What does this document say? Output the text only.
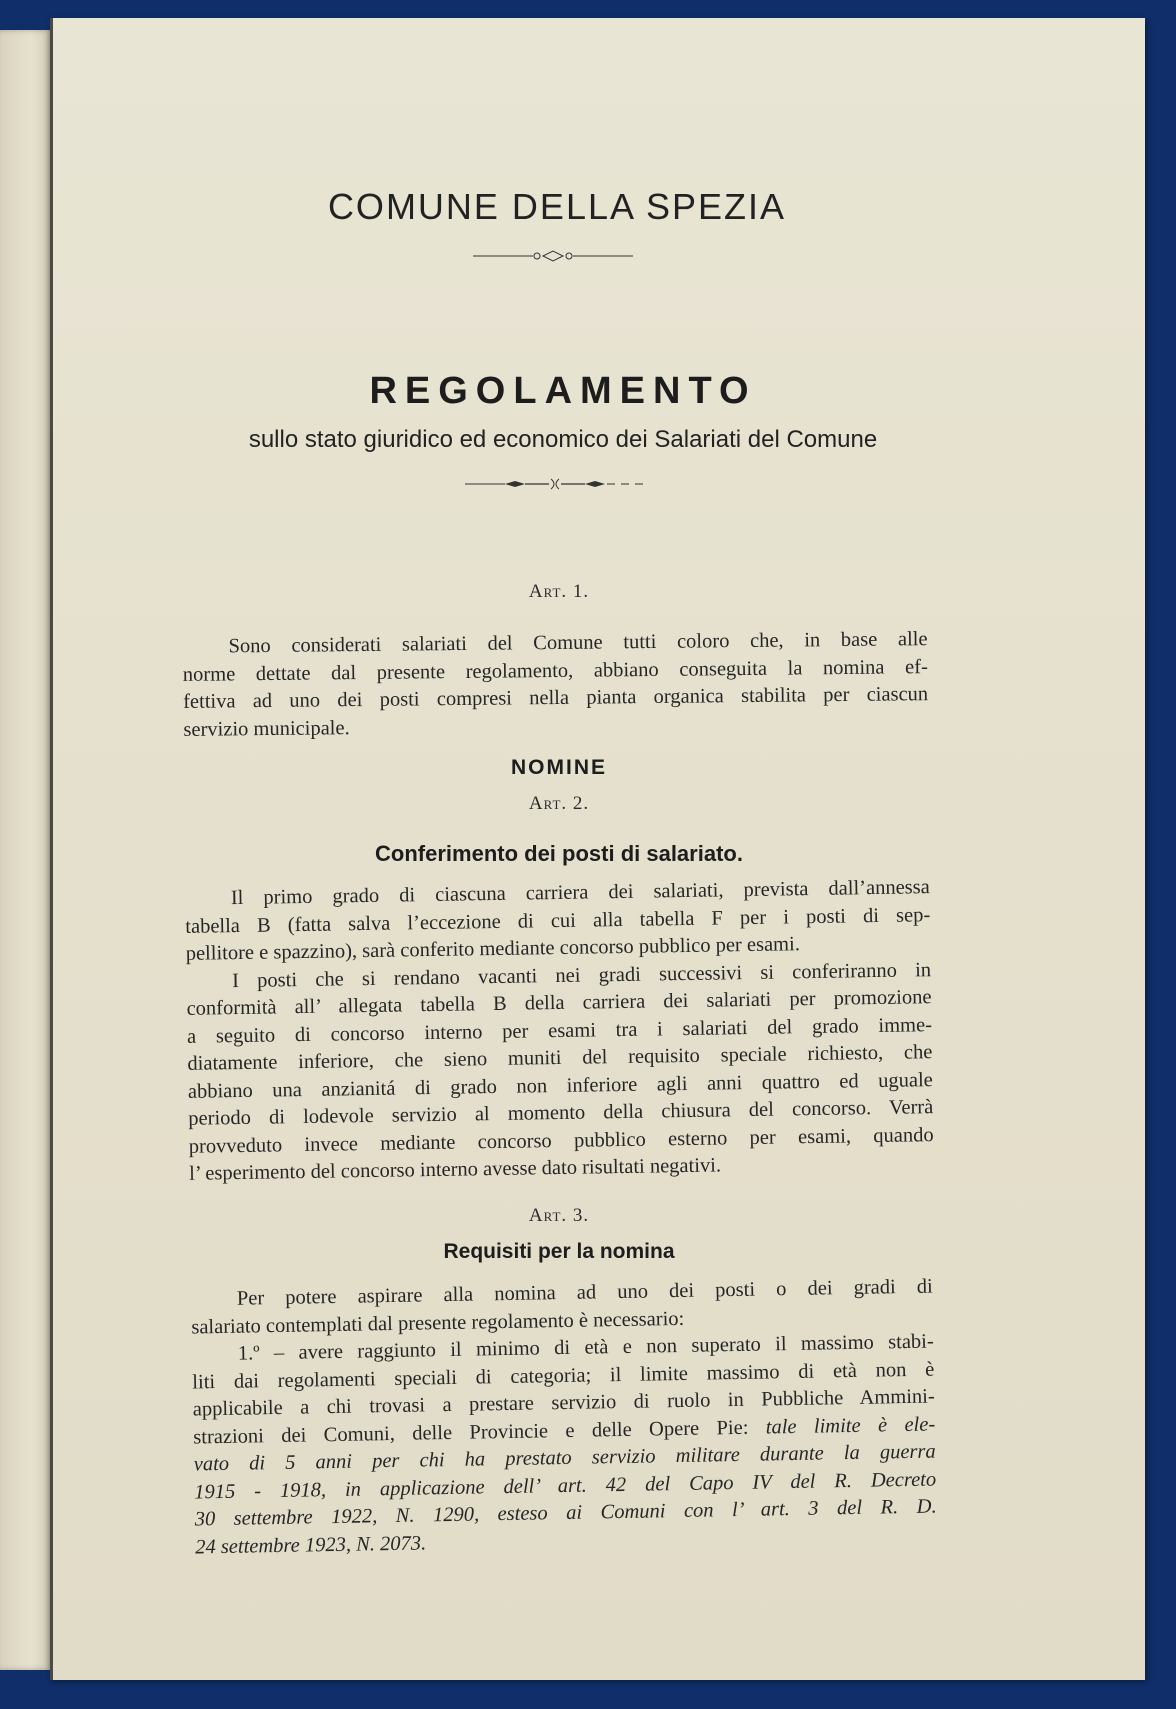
COMUNE DELLA SPEZIA
REGOLAMENTO
sullo stato giuridico ed economico dei Salariati del Comune
Art. 1.
Sono considerati salariati del Comune tutti coloro che, in base alle
norme dettate dal presente regolamento, abbiano conseguita la nomina ef-
fettiva ad uno dei posti compresi nella pianta organica stabilita per ciascun
servizio municipale.
NOMINE
Art. 2.
Conferimento dei posti di salariato.
Il primo grado di ciascuna carriera dei salariati, prevista dall’annessa
tabella B (fatta salva l’eccezione di cui alla tabella F per i posti di sep-
pellitore e spazzino), sarà conferito mediante concorso pubblico per esami.
I posti che si rendano vacanti nei gradi successivi si conferiranno in
conformità all’ allegata tabella B della carriera dei salariati per promozione
a seguito di concorso interno per esami tra i salariati del grado imme-
diatamente inferiore, che sieno muniti del requisito speciale richiesto, che
abbiano una anzianitá di grado non inferiore agli anni quattro ed uguale
periodo di lodevole servizio al momento della chiusura del concorso. Verrà
provveduto invece mediante concorso pubblico esterno per esami, quando
l’ esperimento del concorso interno avesse dato risultati negativi.
Art. 3.
Requisiti per la nomina
Per potere aspirare alla nomina ad uno dei posti o dei gradi di
salariato contemplati dal presente regolamento è necessario:
1.º – avere raggiunto il minimo di età e non superato il massimo stabi-
liti dai regolamenti speciali di categoria; il limite massimo di età non è
applicabile a chi trovasi a prestare servizio di ruolo in Pubbliche Ammini-
strazioni dei Comuni, delle Provincie e delle Opere Pie: tale limite è ele-
vato di 5 anni per chi ha prestato servizio militare durante la guerra
1915 - 1918, in applicazione dell’ art. 42 del Capo IV del R. Decreto
30 settembre 1922, N. 1290, esteso ai Comuni con l’ art. 3 del R. D.
24 settembre 1923, N. 2073.
